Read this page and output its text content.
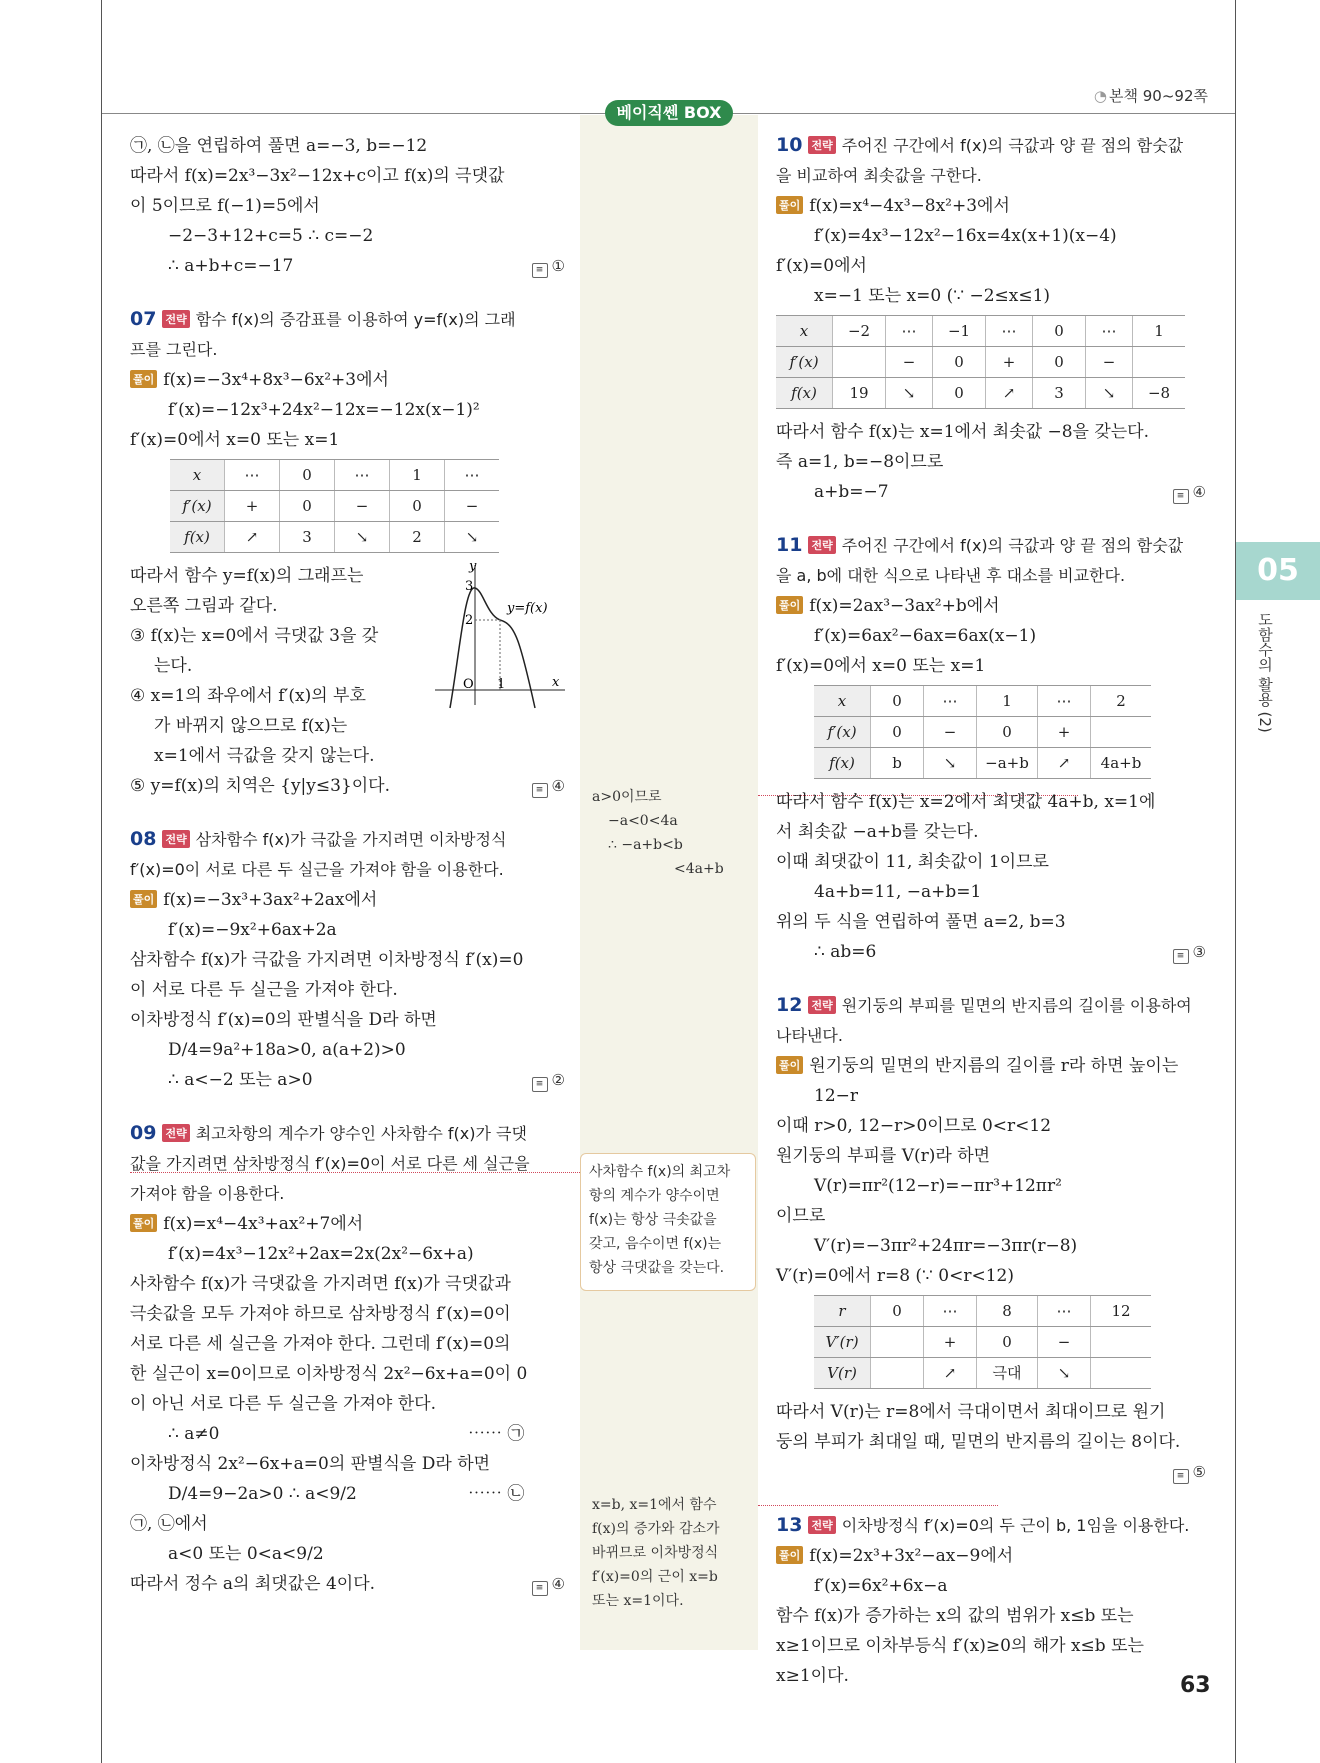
베이직쎈 BOX
◔ 본책 90~92쪽
05
도함수의 활용 (2)
63

㉠, ㉡을 연립하여 풀면 a=−3, b=−12

따라서 f(x)=2x³−3x²−12x+c이고 f(x)의 극댓값

이 5이므로 f(−1)=5에서

−2−3+12+c=5 ∴ c=−2

∴ a+b+c=−17	≡ ①

07 전략 함수 f(x)의 증감표를 이용하여 y=f(x)의 그래

프를 그린다.

풀이 f(x)=−3x⁴+8x³−6x²+3에서

f′(x)=−12x³+24x²−12x=−12x(x−1)²

f′(x)=0에서 x=0 또는 x=1

x	⋯	0	⋯	1	⋯
f′(x)	+	0	−	0	−
f(x)	↗	3	↘	2	↘

따라서 함수 y=f(x)의 그래프는

오른쪽 그림과 같다.

③ f(x)는 x=0에서 극댓값 3을 갖

는다.

④ x=1의 좌우에서 f′(x)의 부호

가 바뀌지 않으므로 f(x)는

x=1에서 극값을 갖지 않는다.

⑤ y=f(x)의 치역은 {y|y≤3}이다.	≡ ④

08 전략 삼차함수 f(x)가 극값을 가지려면 이차방정식

f′(x)=0이 서로 다른 두 실근을 가져야 함을 이용한다.

풀이 f(x)=−3x³+3ax²+2ax에서

f′(x)=−9x²+6ax+2a

삼차함수 f(x)가 극값을 가지려면 이차방정식 f′(x)=0

이 서로 다른 두 실근을 가져야 한다.

이차방정식 f′(x)=0의 판별식을 D라 하면

D/4=9a²+18a>0, a(a+2)>0

∴ a<−2 또는 a>0	≡ ②

09 전략 최고차항의 계수가 양수인 사차함수 f(x)가 극댓

값을 가지려면 삼차방정식 f′(x)=0이 서로 다른 세 실근을

가져야 함을 이용한다.

풀이 f(x)=x⁴−4x³+ax²+7에서

f′(x)=4x³−12x²+2ax=2x(2x²−6x+a)

사차함수 f(x)가 극댓값을 가지려면 f(x)가 극댓값과

극솟값을 모두 가져야 하므로 삼차방정식 f′(x)=0이

서로 다른 세 실근을 가져야 한다. 그런데 f′(x)=0의

한 실근이 x=0이므로 이차방정식 2x²−6x+a=0이 0

이 아닌 서로 다른 두 실근을 가져야 한다.

∴ a≠0	⋯⋯ ㉠

이차방정식 2x²−6x+a=0의 판별식을 D라 하면

D/4=9−2a>0 ∴ a<9/2	⋯⋯ ㉡

㉠, ㉡에서

a<0 또는 0<a<9/2

따라서 정수 a의 최댓값은 4이다.	≡ ④

y
x
O
3
2
1
y=f(x)

a>0이므로

−a<0<4a

∴ −a+b<b

<4a+b

사차함수 f(x)의 최고차

항의 계수가 양수이면

f(x)는 항상 극솟값을

갖고, 음수이면 f(x)는

항상 극댓값을 갖는다.

x=b, x=1에서 함수

f(x)의 증가와 감소가

바뀌므로 이차방정식

f′(x)=0의 근이 x=b

또는 x=1이다.

10 전략 주어진 구간에서 f(x)의 극값과 양 끝 점의 함숫값

을 비교하여 최솟값을 구한다.

풀이 f(x)=x⁴−4x³−8x²+3에서

f′(x)=4x³−12x²−16x=4x(x+1)(x−4)

f′(x)=0에서

x=−1 또는 x=0 (∵ −2≤x≤1)

x	−2	⋯	−1	⋯	0	⋯	1
f′(x)		−	0	+	0	−	
f(x)	19	↘	0	↗	3	↘	−8

따라서 함수 f(x)는 x=1에서 최솟값 −8을 갖는다.

즉 a=1, b=−8이므로

a+b=−7	≡ ④

11 전략 주어진 구간에서 f(x)의 극값과 양 끝 점의 함숫값

을 a, b에 대한 식으로 나타낸 후 대소를 비교한다.

풀이 f(x)=2ax³−3ax²+b에서

f′(x)=6ax²−6ax=6ax(x−1)

f′(x)=0에서 x=0 또는 x=1

x	0	⋯	1	⋯	2
f′(x)	0	−	0	+	
f(x)	b	↘	−a+b	↗	4a+b

따라서 함수 f(x)는 x=2에서 최댓값 4a+b, x=1에

서 최솟값 −a+b를 갖는다.

이때 최댓값이 11, 최솟값이 1이므로

4a+b=11, −a+b=1

위의 두 식을 연립하여 풀면 a=2, b=3

∴ ab=6	≡ ③

12 전략 원기둥의 부피를 밑면의 반지름의 길이를 이용하여

나타낸다.

풀이 원기둥의 밑면의 반지름의 길이를 r라 하면 높이는

12−r

이때 r>0, 12−r>0이므로 0<r<12

원기둥의 부피를 V(r)라 하면

V(r)=πr²(12−r)=−πr³+12πr²

이므로

V′(r)=−3πr²+24πr=−3πr(r−8)

V′(r)=0에서 r=8 (∵ 0<r<12)

r	0	⋯	8	⋯	12
V′(r)		+	0	−	
V(r)		↗	극대	↘	

따라서 V(r)는 r=8에서 극대이면서 최대이므로 원기

둥의 부피가 최대일 때, 밑면의 반지름의 길이는 8이다.

≡ ⑤

13 전략 이차방정식 f′(x)=0의 두 근이 b, 1임을 이용한다.

풀이 f(x)=2x³+3x²−ax−9에서

f′(x)=6x²+6x−a

함수 f(x)가 증가하는 x의 값의 범위가 x≤b 또는

x≥1이므로 이차부등식 f′(x)≥0의 해가 x≤b 또는

x≥1이다.
